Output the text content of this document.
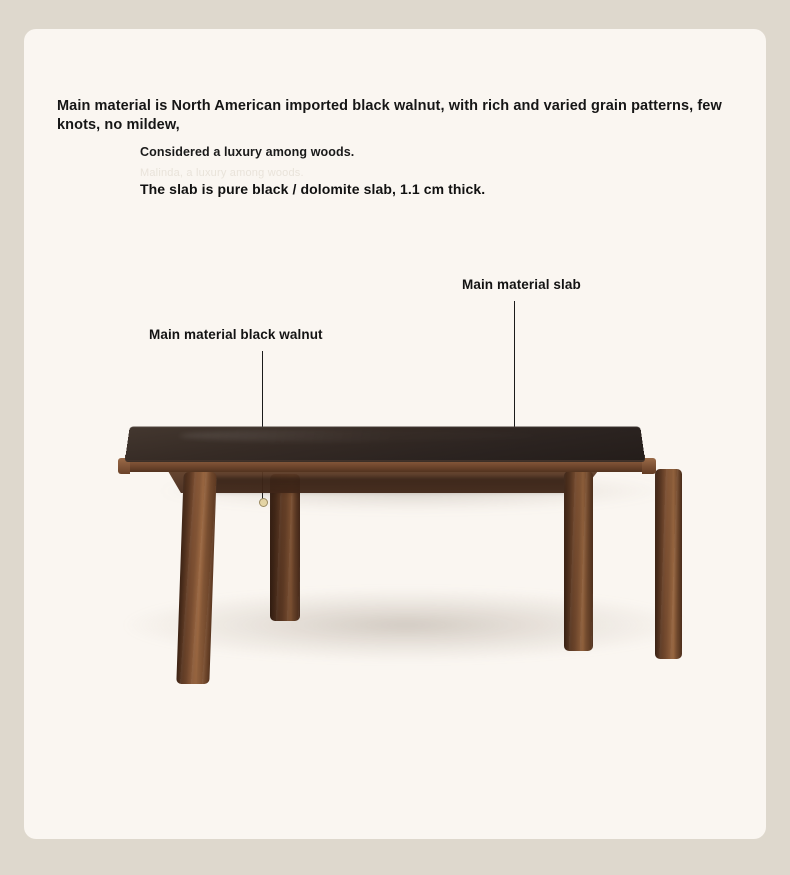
Main material is North American imported black walnut, with rich and varied grain patterns, few knots, no mildew,
Considered a luxury among woods.
Malinda, a luxury among woods.
The slab is pure black / dolomite slab, 1.1 cm thick.
Main material slab
Main material black walnut
